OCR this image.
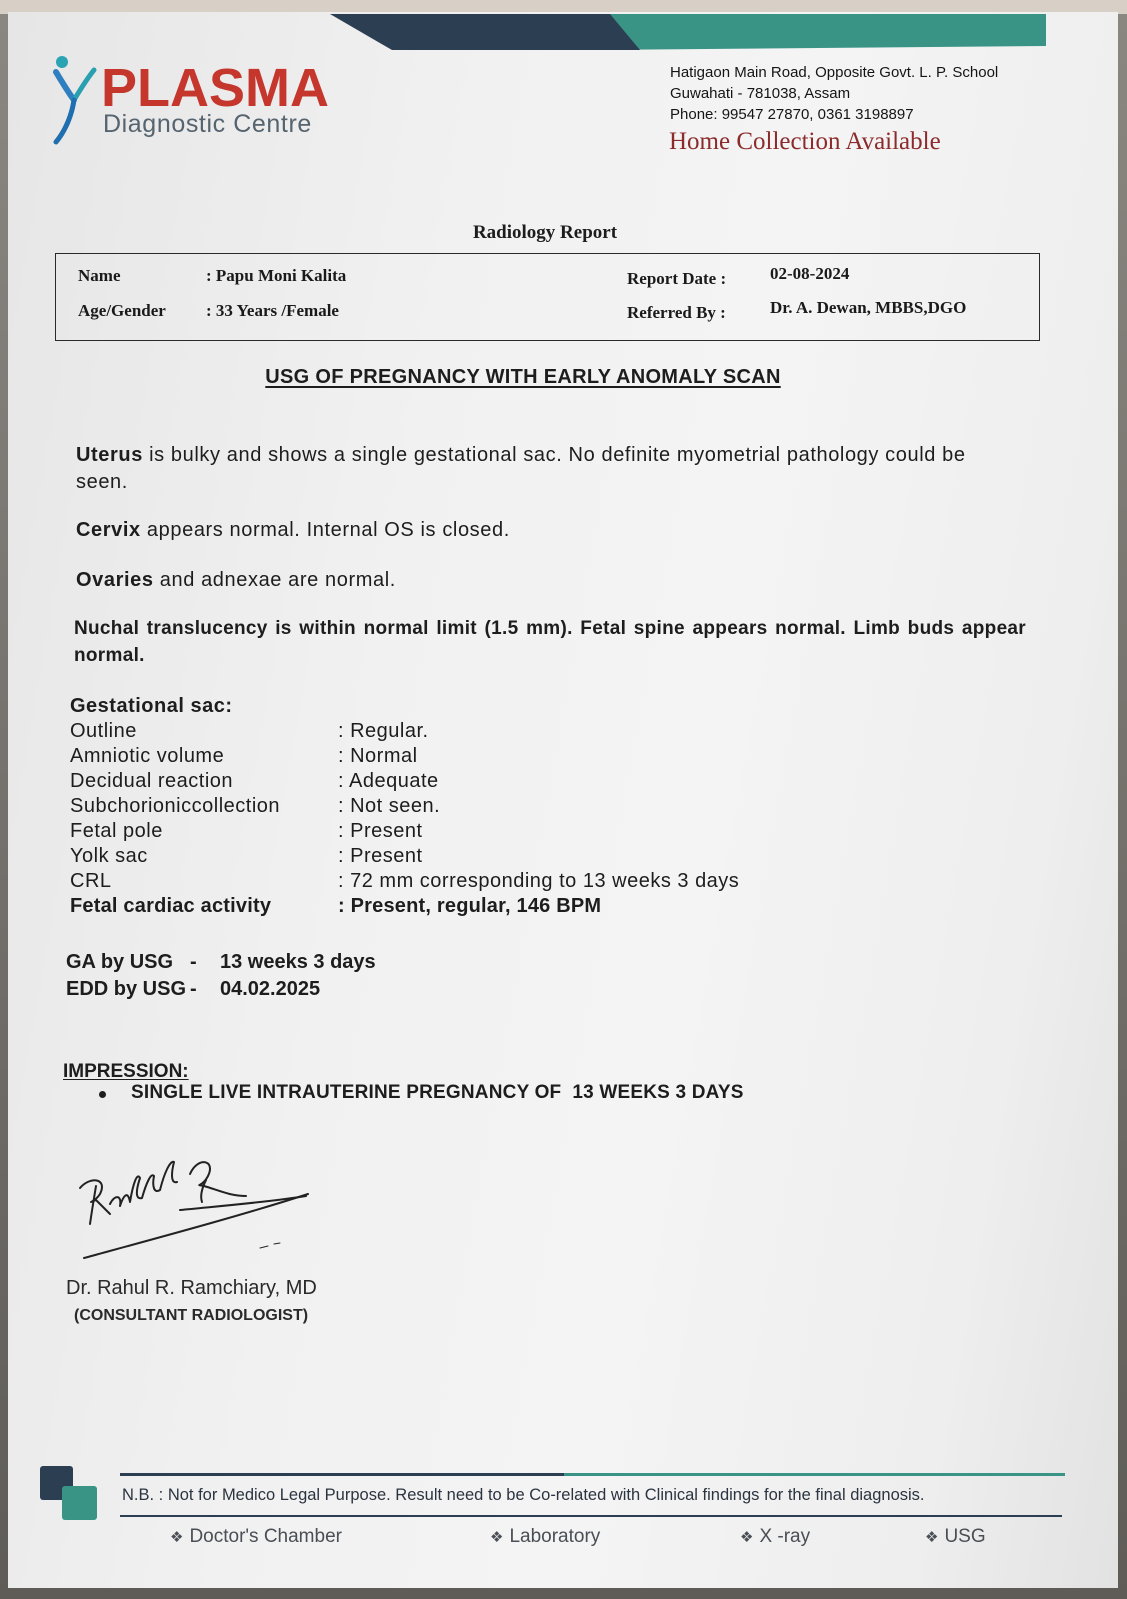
PLASMA
Diagnostic Centre
Hatigaon Main Road, Opposite Govt. L. P. School
Guwahati - 781038, Assam
Phone: 99547 27870, 0361 3198897
Home Collection Available
Radiology Report
Name	: Papu Moni Kalita
Age/Gender : 33 Years /Female
Report Date :	02-08-2024
Referred By :	Dr. A. Dewan, MBBS,DGO
USG OF PREGNANCY WITH EARLY ANOMALY SCAN
Uterus is bulky and shows a single gestational sac. No definite myometrial pathology could be seen.
Cervix appears normal. Internal OS is closed.
Ovaries and adnexae are normal.
Nuchal translucency is within normal limit (1.5 mm). Fetal spine appears normal. Limb buds appear normal.
Gestational sac:
Outline	: Regular.
Amniotic volume	: Normal
Decidual reaction	: Adequate
Subchorioniccollection	: Not seen.
Fetal pole	: Present
Yolk sac	: Present
CRL	: 72 mm corresponding to 13 weeks 3 days
Fetal cardiac activity	: Present, regular, 146 BPM
GA by USG -	13 weeks 3 days
EDD by USG -	04.02.2025
IMPRESSION:
SINGLE LIVE INTRAUTERINE PREGNANCY OF  13 WEEKS 3 DAYS
Dr. Rahul R. Ramchiary, MD
(CONSULTANT RADIOLOGIST)
N.B. : Not for Medico Legal Purpose. Result need to be Co-related with Clinical findings for the final diagnosis.
❖ Doctor's Chamber ❖	Laboratory ❖	X -ray ❖	USG
